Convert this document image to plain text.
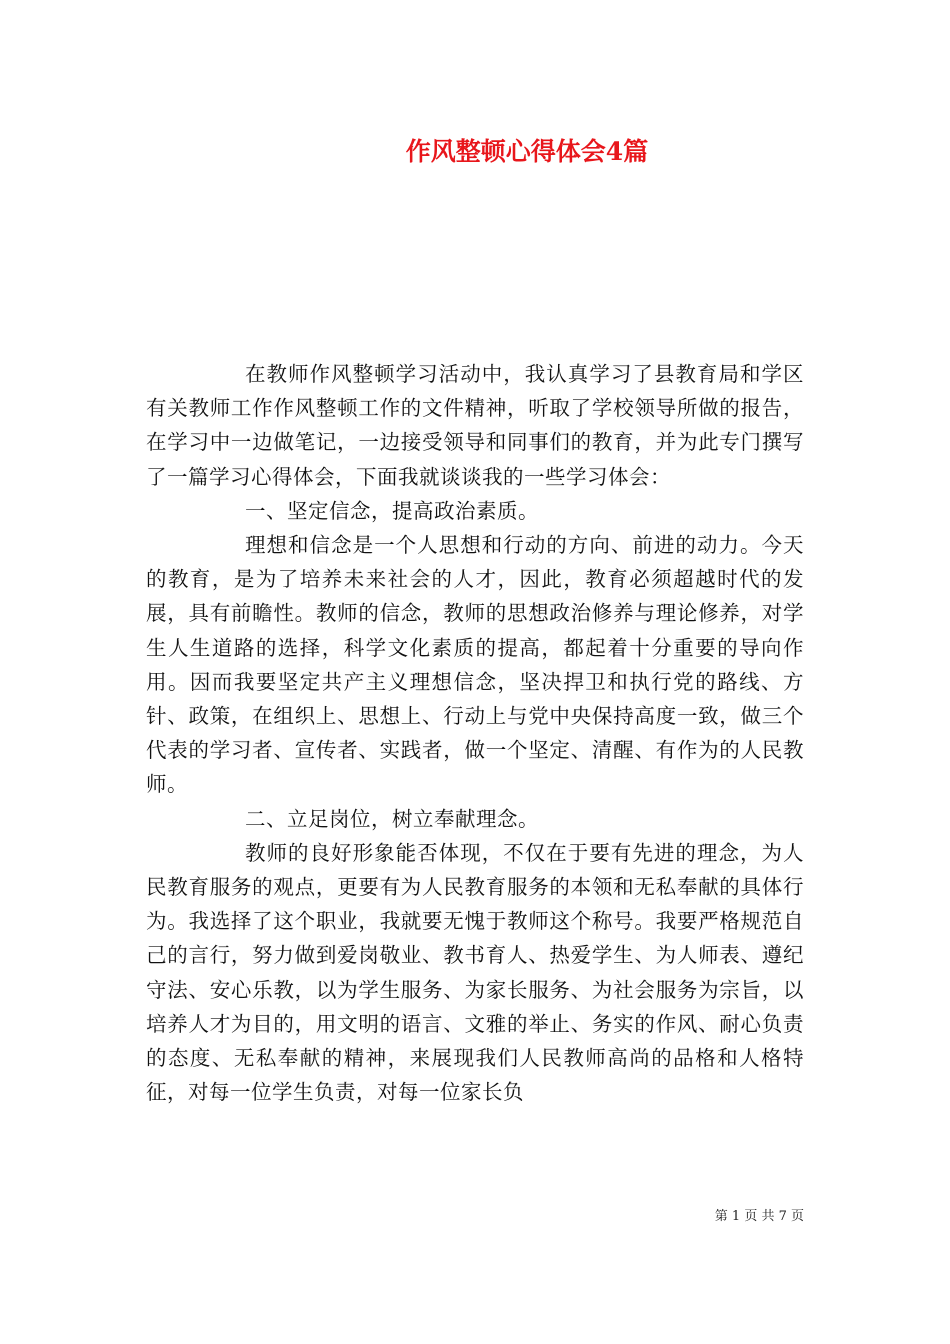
作风整顿心得体会4篇

在教师作风整顿学习活动中，我认真学习了县教育局和学区有关教师工作作风整顿工作的文件精神，听取了学校领导所做的报告，在学习中一边做笔记，一边接受领导和同事们的教育，并为此专门撰写了一篇学习心得体会，下面我就谈谈我的一些学习体会：

一、坚定信念，提高政治素质。

理想和信念是一个人思想和行动的方向、前进的动力。今天的教育，是为了培养未来社会的人才，因此，教育必须超越时代的发展，具有前瞻性。教师的信念，教师的思想政治修养与理论修养，对学生人生道路的选择，科学文化素质的提高，都起着十分重要的导向作用。因而我要坚定共产主义理想信念，坚决捍卫和执行党的路线、方针、政策，在组织上、思想上、行动上与党中央保持高度一致，做三个代表的学习者、宣传者、实践者，做一个坚定、清醒、有作为的人民教师。

二、立足岗位，树立奉献理念。

教师的良好形象能否体现，不仅在于要有先进的理念，为人民教育服务的观点，更要有为人民教育服务的本领和无私奉献的具体行为。我选择了这个职业，我就要无愧于教师这个称号。我要严格规范自己的言行，努力做到爱岗敬业、教书育人、热爱学生、为人师表、遵纪守法、安心乐教，以为学生服务、为家长服务、为社会服务为宗旨，以培养人才为目的，用文明的语言、文雅的举止、务实的作风、耐心负责的态度、无私奉献的精神，来展现我们人民教师高尚的品格和人格特征，对每一位学生负责，对每一位家长负

第 1 页 共 7 页
